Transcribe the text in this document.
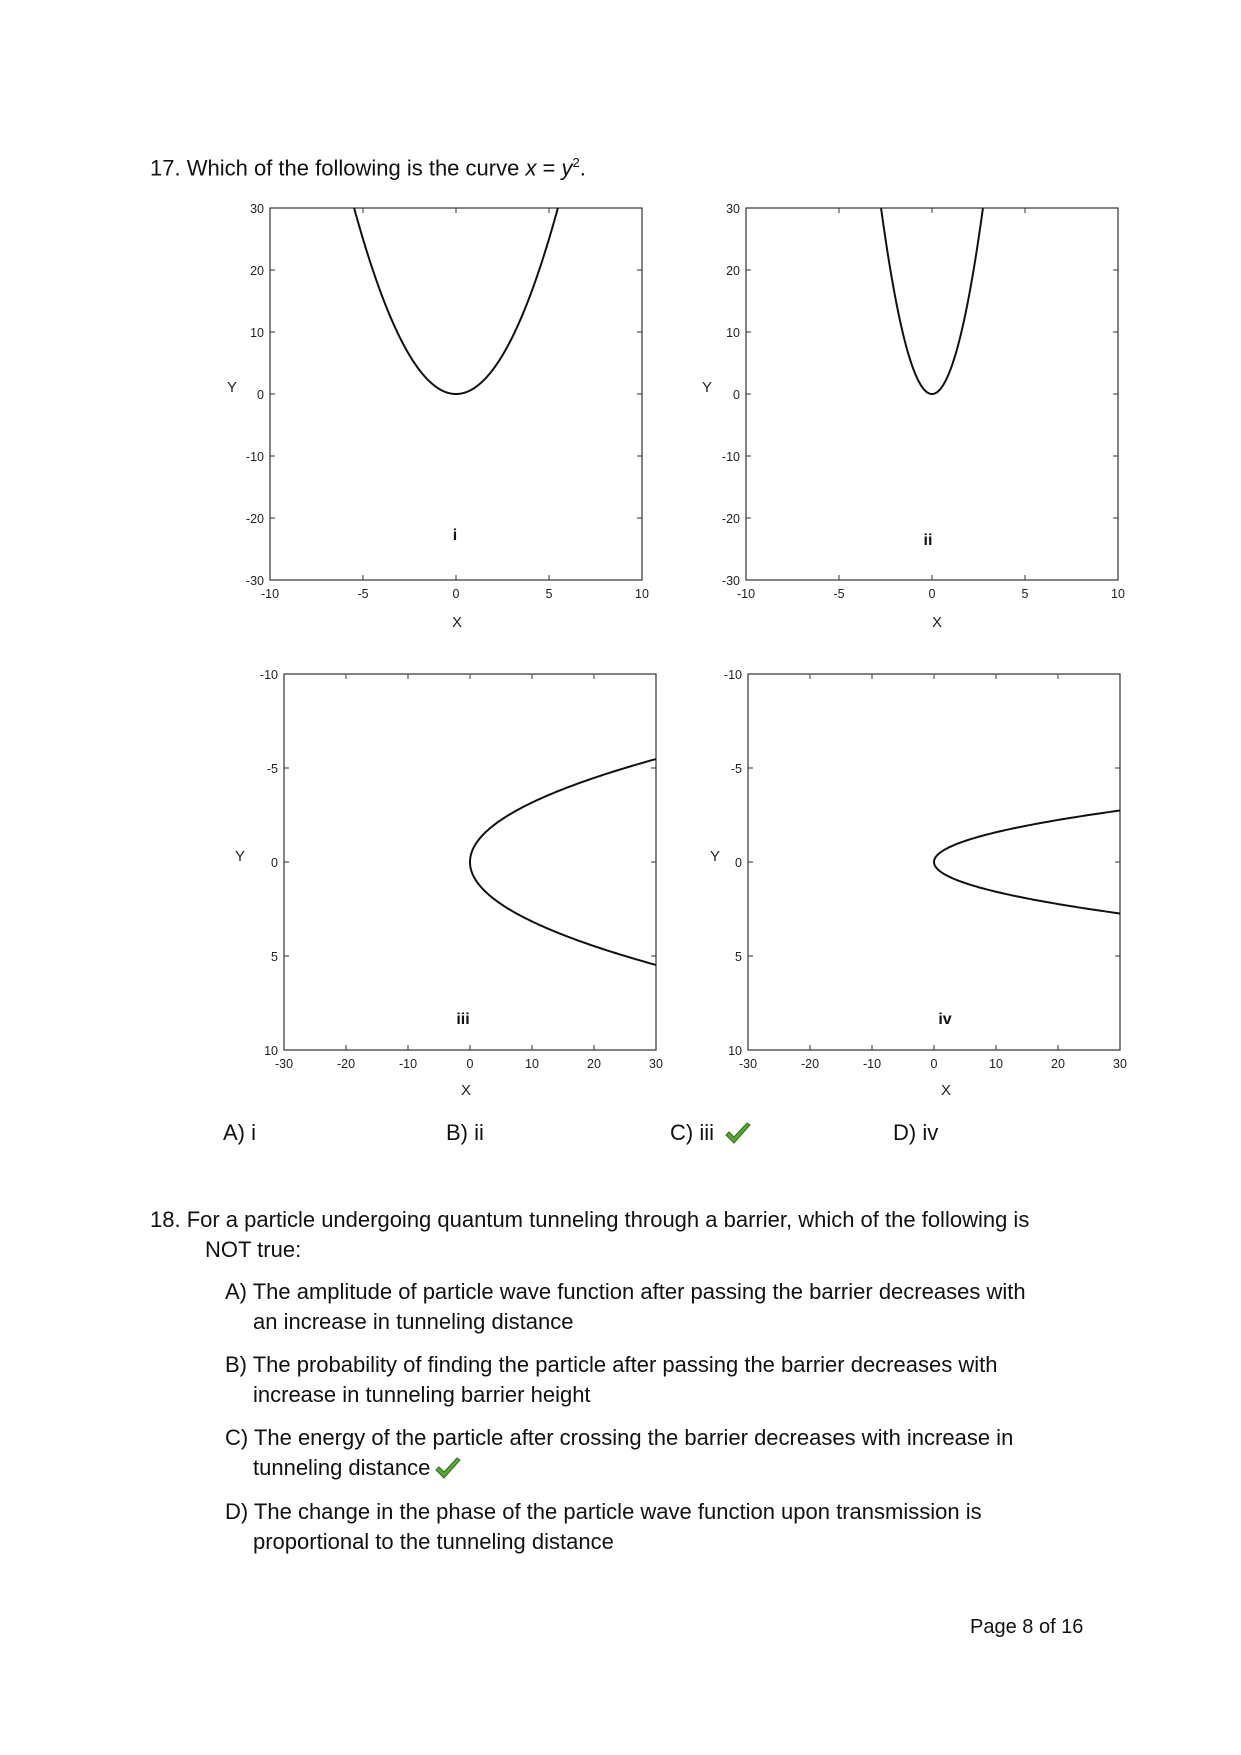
17. Which of the following is the curve $x = y^2$.
-10	-5	0	5	10
30
20
10
0
-10
-20
-30
X
Y
i
-10	-5	0	5	10
30
20
10
0
-10
-20
-30
X
Y
ii
-30	-20	-10	0	10	20	30
-10
-5
0
5
10
X
Y
iii
-30	-20	-10	0	10	20	30
-10
-5
0
5
10
X
Y
iv
A) i	B) ii	C) iii	D) iv
18. For a particle undergoing quantum tunneling through a barrier, which of the following is
NOT true:
A) The amplitude of particle wave function after passing the barrier decreases with
an increase in tunneling distance
B) The probability of finding the particle after passing the barrier decreases with
increase in tunneling barrier height
C) The energy of the particle after crossing the barrier decreases with increase in
tunneling distance
D) The change in the phase of the particle wave function upon transmission is
proportional to the tunneling distance
Page 8 of 16
